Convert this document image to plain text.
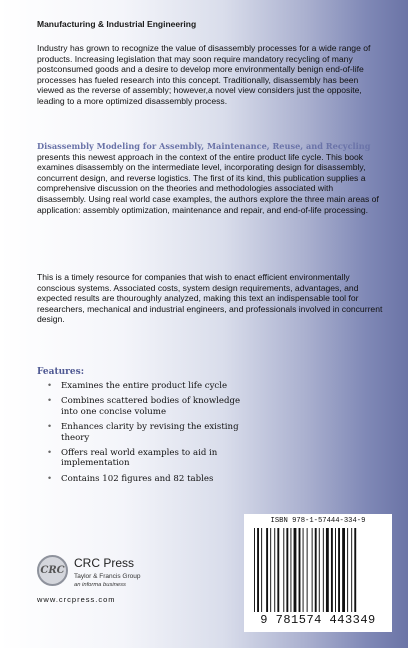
Manufacturing & Industrial Engineering
Industry has grown to recognize the value of disassembly processes for a wide range of products. Increasing legislation that may soon require mandatory recycling of many postconsumed goods and a desire to develop more environmentally benign end-of-life processes has fueled research into this concept. Traditionally, disassembly has been viewed as the reverse of assembly; however,a novel view considers just the opposite, leading to a more optimized disassembly process.
Disassembly Modeling for Assembly, Maintenance, Reuse, and Recycling presents this newest approach in the context of the entire product life cycle. This book examines disassembly on the intermediate level, incorporating design for disassembly, concurrent design, and reverse logistics. The first of its kind, this publication supplies a comprehensive discussion on the theories and methodologies associated with disassembly. Using real world case examples, the authors explore the three main areas of application: assembly optimization, maintenance and repair, and end-of-life processing.
This is a timely resource for companies that wish to enact efficient environmentally conscious systems. Associated costs, system design requirements, advantages, and expected results are thouroughly analyzed, making this text an indispensable tool for researchers, mechanical and industrial engineers, and professionals involved in concurrent design.
Features:
• Examines the entire product life cycle
• Combines scattered bodies of knowledge into one concise volume
• Enhances clarity by revising the existing theory
• Offers real world examples to aid in implementation
• Contains 102 figures and 82 tables
CRC
CRC Press
Taylor & Francis Group
an informa business
www.crcpress.com
ISBN 978-1-57444-334-9
9 781574 443349
